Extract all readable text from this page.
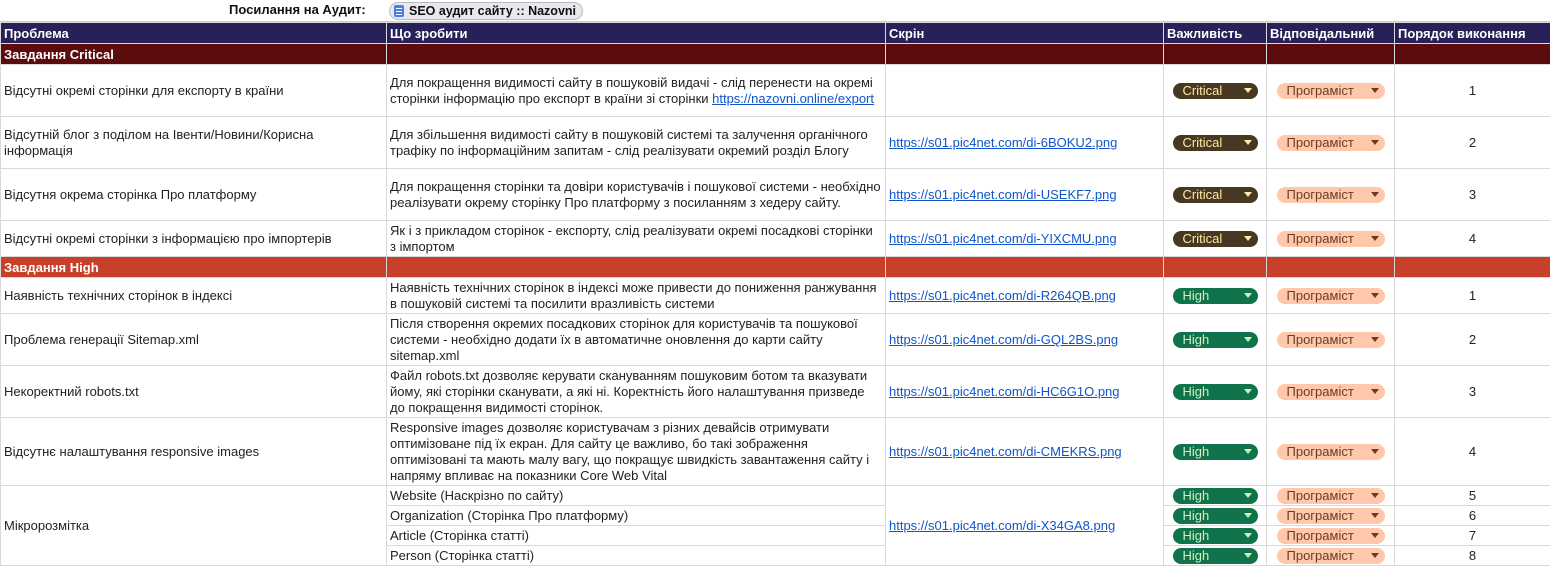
Посилання на Аудит:	SEO аудит сайту :: Nazovni
Проблема	Що зробити	Скрін	Важливість	Відповідальний	Порядок виконання
Завдання Critical					
Відсутні окремі сторінки для експорту в країни	Для покращення видимості сайту в пошуковій видачі - слід перенести на окремі сторінки інформацію про експорт в країни зі сторінки https://nazovni.online/export		Critical	Програміст	1
Відсутній блог з поділом на Івенти/Новини/Корисна інформація	Для збільшення видимості сайту в пошуковій системі та залучення органічного трафіку по інформаційним запитам - слід реалізувати окремий розділ Блогу	https://s01.pic4net.com/di-6BOKU2.png	Critical	Програміст	2
Відсутня окрема сторінка Про платформу	Для покращення сторінки та довіри користувачів і пошукової системи - необхідно реалізувати окрему сторінку Про платформу з посиланням з хедеру сайту.	https://s01.pic4net.com/di-USEKF7.png	Critical	Програміст	3
Відсутні окремі сторінки з інформацією про імпортерів	Як і з прикладом сторінок - експорту, слід реалізувати окремі посадкові сторінки з імпортом	https://s01.pic4net.com/di-YIXCMU.png	Critical	Програміст	4
Завдання High					
Наявність технічних сторінок в індексі	Наявність технічних сторінок в індексі може привести до пониження ранжування в пошуковій системі та посилити вразливість системи	https://s01.pic4net.com/di-R264QB.png	High	Програміст	1
Проблема генерації Sitemap.xml	Після створення окремих посадкових сторінок для користувачів та пошукової системи - необхідно додати їх в автоматичне оновлення до карти сайту sitemap.xml	https://s01.pic4net.com/di-GQL2BS.png	High	Програміст	2
Некоректний robots.txt	Файл robots.txt дозволяє керувати скануванням пошуковим ботом та вказувати йому, які сторінки сканувати, а які ні. Коректність його налаштування призведе до покращення видимості сторінок.	https://s01.pic4net.com/di-HC6G1O.png	High	Програміст	3
Відсутнє налаштування responsive images	Responsive images дозволяє користувачам з різних девайсів отримувати оптимізоване під їх екран. Для сайту це важливо, бо такі зображення оптимізовані та мають малу вагу, що покращує швидкість завантаження сайту і напряму впливає на показники Core Web Vital	https://s01.pic4net.com/di-CMEKRS.png	High	Програміст	4
Мікророзмітка	Website (Наскрізно по сайту)	https://s01.pic4net.com/di-X34GA8.png	High	Програміст	5
	Organization (Сторінка Про платформу)		High	Програміст	6
	Article (Сторінка статті)		High	Програміст	7
	Person (Сторінка статті)		High	Програміст	8
